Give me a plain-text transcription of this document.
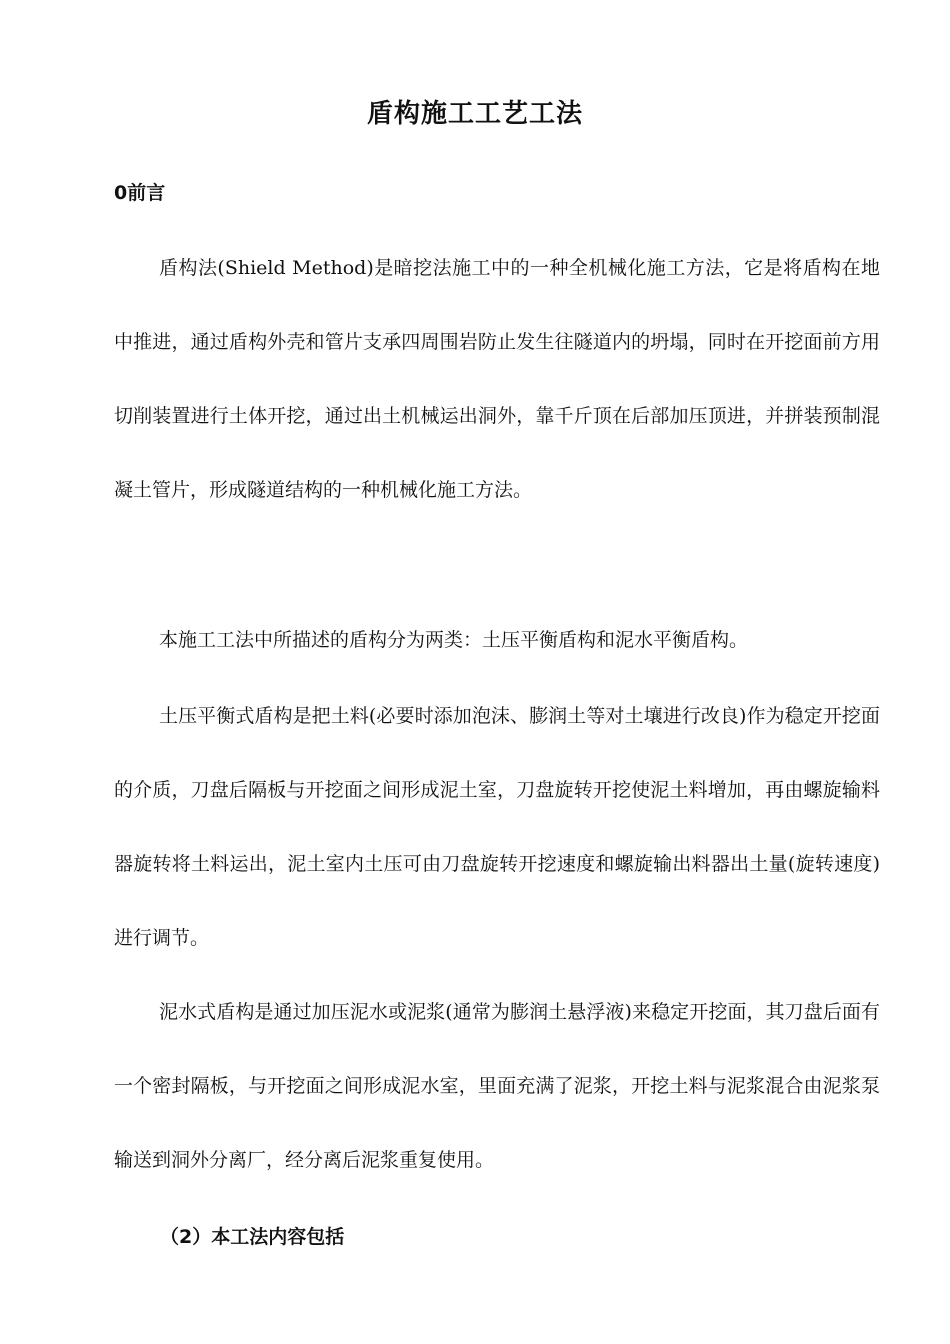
盾构施工工艺工法
0前言

盾构法(Shield Method)是暗挖法施工中的一种全机械化施工方法，它是将盾构在地中推进，通过盾构外壳和管片支承四周围岩防止发生往隧道内的坍塌，同时在开挖面前方用切削装置进行土体开挖，通过出土机械运出洞外，靠千斤顶在后部加压顶进，并拼装预制混凝土管片，形成隧道结构的一种机械化施工方法。

本施工工法中所描述的盾构分为两类：土压平衡盾构和泥水平衡盾构。

土压平衡式盾构是把土料(必要时添加泡沫、膨润土等对土壤进行改良)作为稳定开挖面的介质，刀盘后隔板与开挖面之间形成泥土室，刀盘旋转开挖使泥土料增加，再由螺旋输料器旋转将土料运出，泥土室内土压可由刀盘旋转开挖速度和螺旋输出料器出土量(旋转速度)进行调节。

泥水式盾构是通过加压泥水或泥浆(通常为膨润土悬浮液)来稳定开挖面，其刀盘后面有一个密封隔板，与开挖面之间形成泥水室，里面充满了泥浆，开挖土料与泥浆混合由泥浆泵输送到洞外分离厂，经分离后泥浆重复使用。

（2）本工法内容包括
